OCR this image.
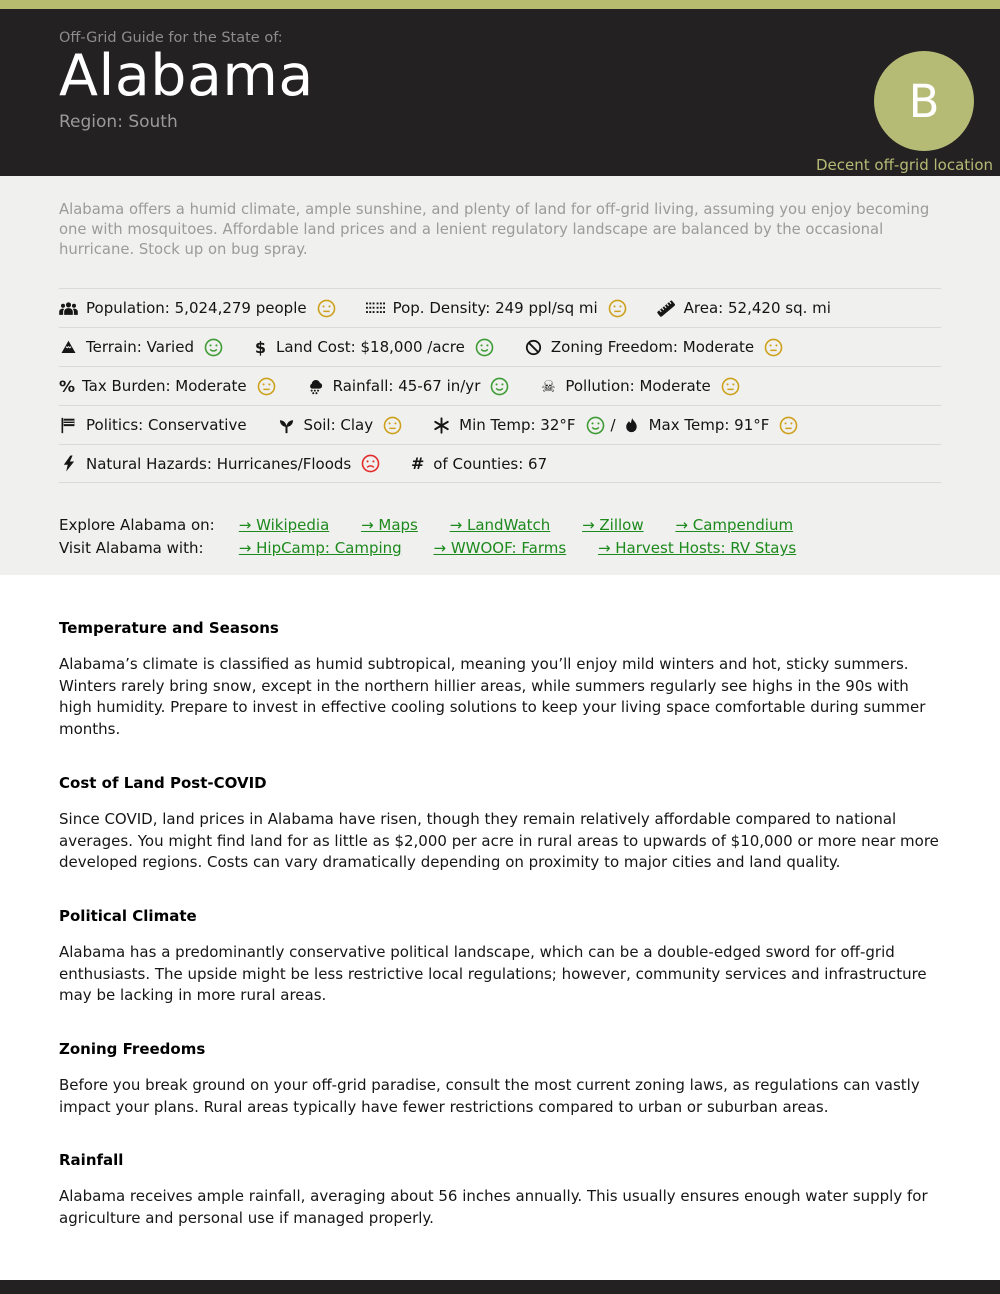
Off-Grid Guide for the State of:
Alabama
Region: South	B
Decent off-grid location

Alabama offers a humid climate, ample sunshine, and plenty of land for off-grid living, assuming you enjoy becoming one with mosquitoes. Affordable land prices and a lenient regulatory landscape are balanced by the occasional hurricane. Stock up on bug spray.

Population: 5,024,279 people	Pop. Density: 249 ppl/sq mi	Area: 52,420 sq. mi
Terrain: Varied	$ Land Cost: $18,000 /acre	Zoning Freedom: Moderate
% Tax Burden: Moderate	Rainfall: 45-67 in/yr	☠ Pollution: Moderate
Politics: Conservative	Soil: Clay	Min Temp: 32°F / Max Temp: 91°F
Natural Hazards: Hurricanes/Floods	# of Counties: 67
Explore Alabama on: → Wikipedia → Maps → LandWatch → Zillow → Campendium
Visit Alabama with: → HipCamp: Camping → WWOOF: Farms → Harvest Hosts: RV Stays
Temperature and Seasons

Alabama’s climate is classified as humid subtropical, meaning you’ll enjoy mild winters and hot, sticky summers. Winters rarely bring snow, except in the northern hillier areas, while summers regularly see highs in the 90s with high humidity. Prepare to invest in effective cooling solutions to keep your living space comfortable during summer months.

Cost of Land Post-COVID

Since COVID, land prices in Alabama have risen, though they remain relatively affordable compared to national averages. You might find land for as little as $2,000 per acre in rural areas to upwards of $10,000 or more near more developed regions. Costs can vary dramatically depending on proximity to major cities and land quality.

Political Climate

Alabama has a predominantly conservative political landscape, which can be a double-edged sword for off-grid enthusiasts. The upside might be less restrictive local regulations; however, community services and infrastructure may be lacking in more rural areas.

Zoning Freedoms

Before you break ground on your off-grid paradise, consult the most current zoning laws, as regulations can vastly impact your plans. Rural areas typically have fewer restrictions compared to urban or suburban areas.

Rainfall

Alabama receives ample rainfall, averaging about 56 inches annually. This usually ensures enough water supply for agriculture and personal use if managed properly.
